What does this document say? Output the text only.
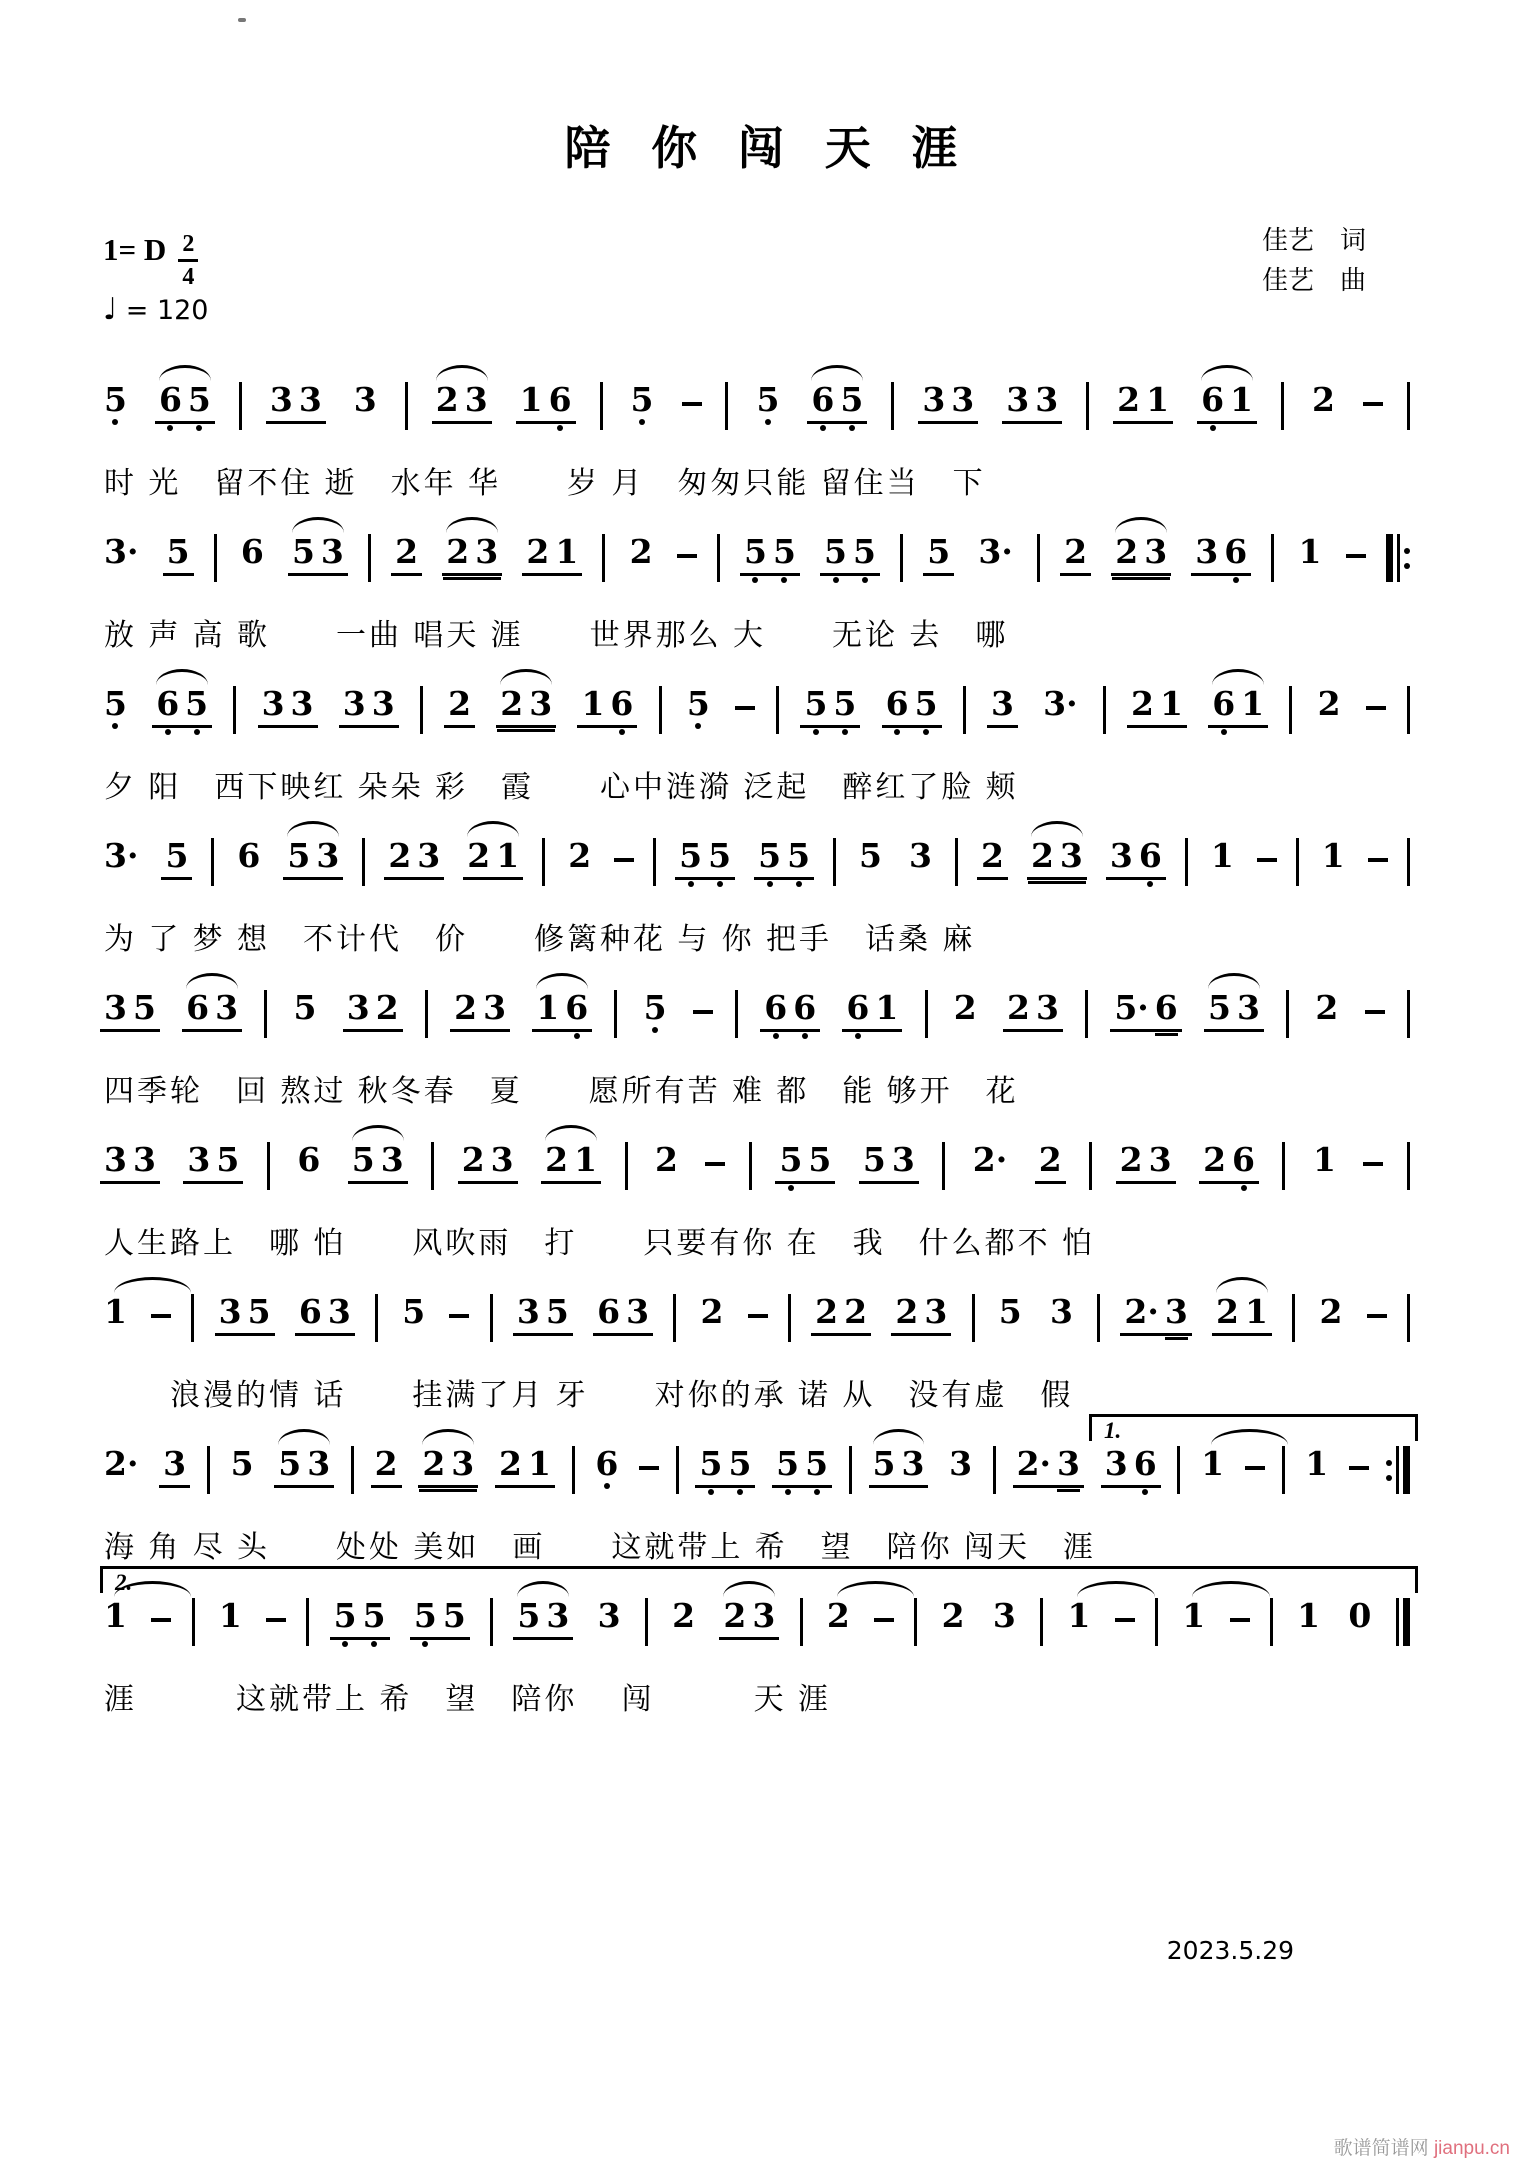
陪 你 闯 天 涯
佳艺　词
佳艺　曲
1= D $\frac{2}{4}$
♩ = 120
5 6 5 3 3 3 2 3 1 6 5	5 6 5 3 3 3 3 2 1 6 1 2
时 光　留不住 逝　水年 华　　岁 月　匆匆只能 留住当　下
3· 5 6 5 3 2 2 3 2 1 2	5 5 5 5 5 3· 2 2 3 3 6 1
放 声 高 歌　　一曲 唱天 涯　　世界那么 大　　无论 去　哪
5 6 5 3 3 3 3 2 2 3 1 6 5	5 5 6 5 3 3· 2 1 6 1 2
夕 阳　西下映红 朵朵 彩　霞　　心中涟漪 泛起　醉红了脸 颊
3· 5 6 5 3 2 3 2 1 2	5 5 5 5 5 3 2 2 3 3 6 1	1
为 了 梦 想　不计代　价　　修篱种花 与 你 把手　话桑 麻
3 5 6 3 5 3 2 2 3 1 6 5	6 6 6 1 2 2 3 5· 6 5 3 2
四季轮　回 熬过 秋冬春　夏　　愿所有苦 难 都　能 够开　花
3 3 3 5 6 5 3 2 3 2 1 2	5 5 5 3 2· 2 2 3 2 6 1
人生路上　哪 怕　　风吹雨　打　　只要有你 在　我　什么都不 怕
1	3 5 6 3 5	3 5 6 3 2	2 2 2 3 5 3 2· 3 2 1 2
　　浪漫的情 话　　挂满了月 牙　　对你的承 诺 从　没有虚　假
1.
2· 3 5 5 3 2 2 3 2 1 6 5 5 5 5 5 3 3 2· 3 3 6 1 1
海 角 尽 头　　处处 美如　画　　这就带上 希　望　陪你 闯天　涯
2.
1	1	5 5 5 5 5 3 3 2 2 3 2	2 3 1	1	1 0
涯　　　这就带上 希　望　陪你　 闯　　　天 涯
2023.5.29
歌谱简谱网 jianpu.cn
